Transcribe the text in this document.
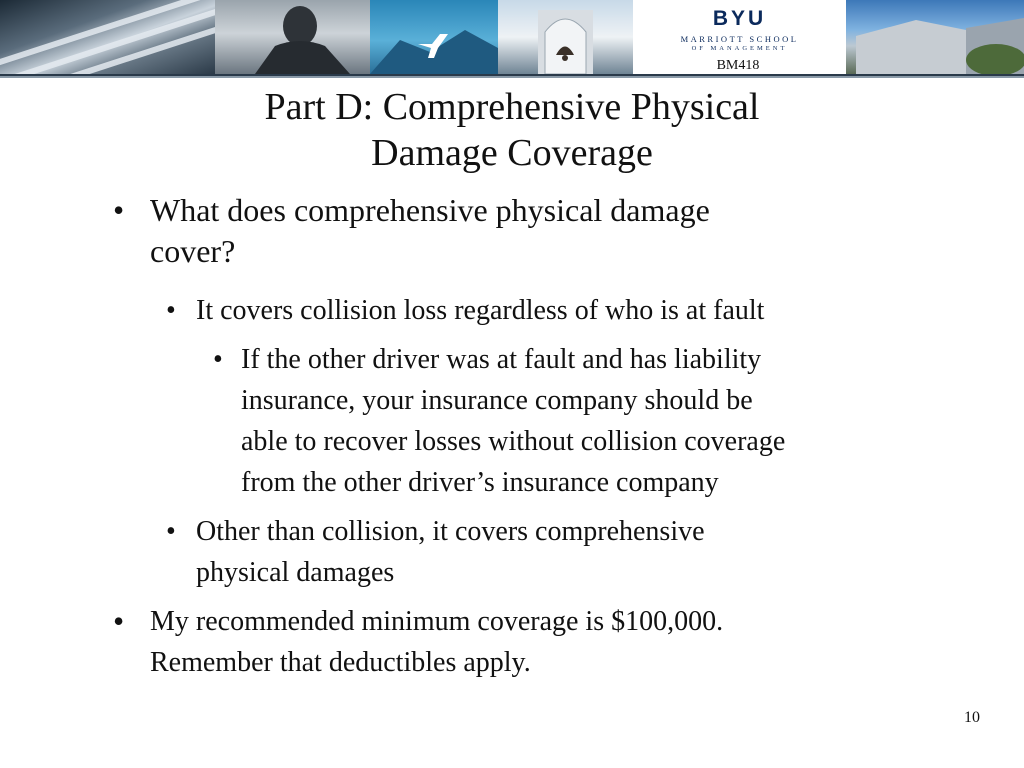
BYU
MARRIOTT SCHOOL
OF MANAGEMENT
BM418
Part D: Comprehensive Physical
Damage Coverage
• What does comprehensive physical damage
cover?
• It covers collision loss regardless of who is at fault
• If the other driver was at fault and has liability
insurance, your insurance company should be
able to recover losses without collision coverage
from the other driver’s insurance company
• Other than collision, it covers comprehensive
physical damages
• My recommended minimum coverage is $100,000.
Remember that deductibles apply.
10
